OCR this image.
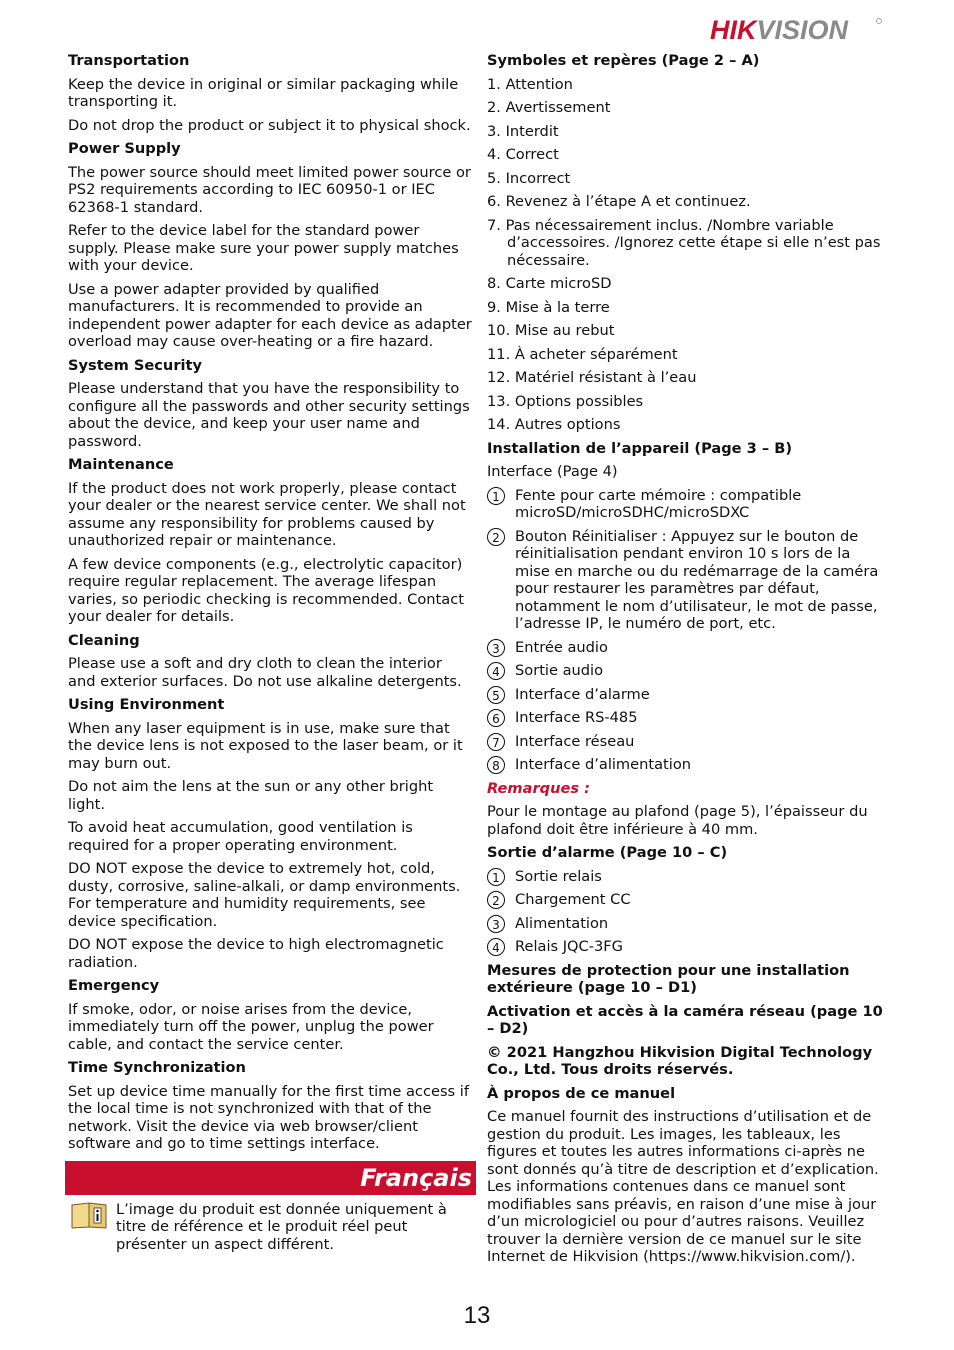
HIKVISION
Transportation
Keep the device in original or similar packaging while transporting it.
Do not drop the product or subject it to physical shock.
Power Supply
The power source should meet limited power source or PS2 requirements according to IEC 60950-1 or IEC 62368-1 standard.
Refer to the device label for the standard power supply. Please make sure your power supply matches with your device.
Use a power adapter provided by qualified manufacturers. It is recommended to provide an independent power adapter for each device as adapter overload may cause over-heating or a fire hazard.
System Security
Please understand that you have the responsibility to configure all the passwords and other security settings about the device, and keep your user name and password.
Maintenance
If the product does not work properly, please contact your dealer or the nearest service center. We shall not assume any responsibility for problems caused by unauthorized repair or maintenance.
A few device components (e.g., electrolytic capacitor) require regular replacement. The average lifespan varies, so periodic checking is recommended. Contact your dealer for details.
Cleaning
Please use a soft and dry cloth to clean the interior and exterior surfaces. Do not use alkaline detergents.
Using Environment
When any laser equipment is in use, make sure that the device lens is not exposed to the laser beam, or it may burn out.
Do not aim the lens at the sun or any other bright light.
To avoid heat accumulation, good ventilation is required for a proper operating environment.
DO NOT expose the device to extremely hot, cold, dusty, corrosive, saline-alkali, or damp environments. For temperature and humidity requirements, see device specification.
DO NOT expose the device to high electromagnetic radiation.
Emergency
If smoke, odor, or noise arises from the device, immediately turn off the power, unplug the power cable, and contact the service center.
Time Synchronization
Set up device time manually for the first time access if the local time is not synchronized with that of the network. Visit the device via web browser/client software and go to time settings interface.
Français
L’image du produit est donnée uniquement à titre de référence et le produit réel peut présenter un aspect différent.
Symboles et repères (Page 2 – A)
1. Attention
2. Avertissement
3. Interdit
4. Correct
5. Incorrect
6. Revenez à l’étape A et continuez.
7. Pas nécessairement inclus. /Nombre variable d’accessoires. /Ignorez cette étape si elle n’est pas nécessaire.
8. Carte microSD
9. Mise à la terre
10. Mise au rebut
11. À acheter séparément
12. Matériel résistant à l’eau
13. Options possibles
14. Autres options
Installation de l’appareil (Page 3 – B)
Interface (Page 4)
1	Fente pour carte mémoire : compatible microSD/microSDHC/microSDXC
2	Bouton Réinitialiser : Appuyez sur le bouton de réinitialisation pendant environ 10 s lors de la mise en marche ou du redémarrage de la caméra pour restaurer les paramètres par défaut, notamment le nom d’utilisateur, le mot de passe, l’adresse IP, le numéro de port, etc.
3	Entrée audio
4	Sortie audio
5	Interface d’alarme
6	Interface RS-485
7	Interface réseau
8	Interface d’alimentation
Remarques :
Pour le montage au plafond (page 5), l’épaisseur du plafond doit être inférieure à 40 mm.
Sortie d’alarme (Page 10 – C)
1	Sortie relais
2	Chargement CC
3	Alimentation
4	Relais JQC-3FG
Mesures de protection pour une installation extérieure (page 10 – D1)
Activation et accès à la caméra réseau (page 10 – D2)
© 2021 Hangzhou Hikvision Digital Technology Co., Ltd. Tous droits réservés.
À propos de ce manuel
Ce manuel fournit des instructions d’utilisation et de gestion du produit. Les images, les tableaux, les figures et toutes les autres informations ci-après ne sont donnés qu’à titre de description et d’explication. Les informations contenues dans ce manuel sont modifiables sans préavis, en raison d’une mise à jour d’un micrologiciel ou pour d’autres raisons. Veuillez trouver la dernière version de ce manuel sur le site Internet de Hikvision (https://www.hikvision.com/).
13
